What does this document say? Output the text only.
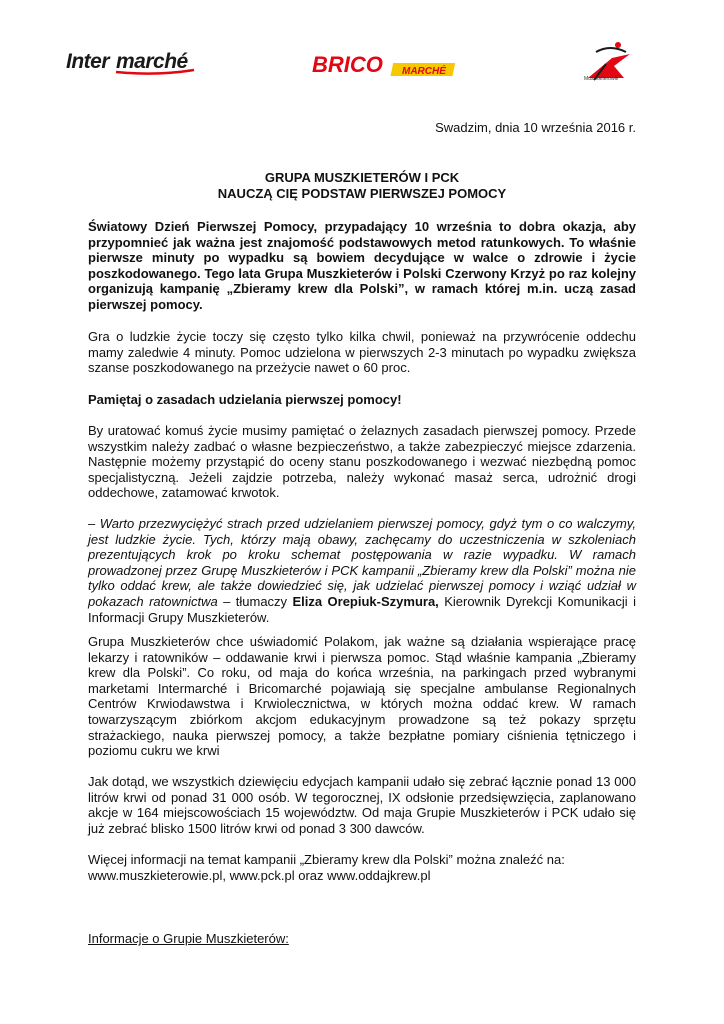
Inter marché	BRICO MARCHÉ
Muszkieterowie
Swadzim, dnia 10 września 2016 r.
GRUPA MUSZKIETERÓW I PCK
NAUCZĄ CIĘ PODSTAW PIERWSZEJ POMOCY

Światowy Dzień Pierwszej Pomocy, przypadający 10 września to dobra okazja, aby przypomnieć jak ważna jest znajomość podstawowych metod ratunkowych. To właśnie pierwsze minuty po wypadku są bowiem decydujące w walce o zdrowie i życie poszkodowanego. Tego lata Grupa Muszkieterów i Polski Czerwony Krzyż po raz kolejny organizują kampanię „Zbieramy krew dla Polski”, w ramach której m.in. uczą zasad pierwszej pomocy.

Gra o ludzkie życie toczy się często tylko kilka chwil, ponieważ na przywrócenie oddechu mamy zaledwie 4 minuty. Pomoc udzielona w pierwszych 2-3 minutach po wypadku zwiększa szanse poszkodowanego na przeżycie nawet o 60 proc.

Pamiętaj o zasadach udzielania pierwszej pomocy!

By uratować komuś życie musimy pamiętać o żelaznych zasadach pierwszej pomocy. Przede wszystkim należy zadbać o własne bezpieczeństwo, a także zabezpieczyć miejsce zdarzenia. Następnie możemy przystąpić do oceny stanu poszkodowanego i wezwać niezbędną pomoc specjalistyczną. Jeżeli zajdzie potrzeba, należy wykonać masaż serca, udrożnić drogi oddechowe, zatamować krwotok.

– Warto przezwyciężyć strach przed udzielaniem pierwszej pomocy, gdyż tym o co walczymy, jest ludzkie życie. Tych, którzy mają obawy, zachęcamy do uczestniczenia w szkoleniach prezentujących krok po kroku schemat postępowania w razie wypadku. W ramach prowadzonej przez Grupę Muszkieterów i PCK kampanii „Zbieramy krew dla Polski” można nie tylko oddać krew, ale także dowiedzieć się, jak udzielać pierwszej pomocy i wziąć udział w pokazach ratownictwa – tłumaczy Eliza Orepiuk-Szymura, Kierownik Dyrekcji Komunikacji i Informacji Grupy Muszkieterów.

Grupa Muszkieterów chce uświadomić Polakom, jak ważne są działania wspierające pracę lekarzy i ratowników – oddawanie krwi i pierwsza pomoc. Stąd właśnie kampania „Zbieramy krew dla Polski”. Co roku, od maja do końca września, na parkingach przed wybranymi marketami Intermarché i Bricomarché pojawiają się specjalne ambulanse Regionalnych Centrów Krwiodawstwa i Krwiolecznictwa, w których można oddać krew. W ramach towarzyszącym zbiórkom akcjom edukacyjnym prowadzone są też pokazy sprzętu strażackiego, nauka pierwszej pomocy, a także bezpłatne pomiary ciśnienia tętniczego i poziomu cukru we krwi

Jak dotąd, we wszystkich dziewięciu edycjach kampanii udało się zebrać łącznie ponad 13 000 litrów krwi od ponad 31 000 osób. W tegorocznej, IX odsłonie przedsięwzięcia, zaplanowano akcje w 164 miejscowościach 15 województw. Od maja Grupie Muszkieterów i PCK udało się już zebrać blisko 1500 litrów krwi od ponad 3 300 dawców.

Więcej informacji na temat kampanii „Zbieramy krew dla Polski” można znaleźć na: www.muszkieterowie.pl, www.pck.pl oraz www.oddajkrew.pl

Informacje o Grupie Muszkieterów:
